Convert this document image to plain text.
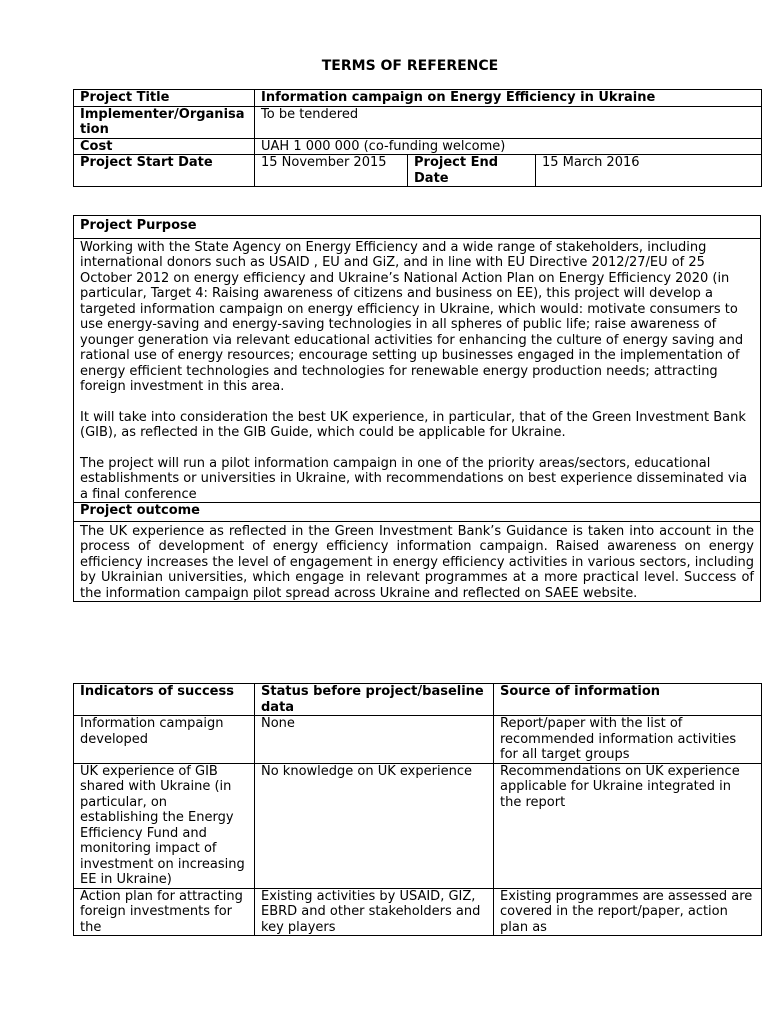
TERMS OF REFERENCE
Project Title	Information campaign on Energy Efficiency in Ukraine		
Implementer/Organisation	To be tendered		
Cost	UAH 1 000 000 (co-funding welcome)		
Project Start Date	15 November 2015	Project End Date	15 March 2016
Project Purpose

Working with the State Agency on Energy Efficiency and a wide range of stakeholders, including international donors such as USAID , EU and GiZ, and in line with EU Directive 2012/27/EU of 25 October 2012 on energy efficiency and Ukraine’s National Action Plan on Energy Efficiency 2020 (in particular, Target 4: Raising awareness of citizens and business on EE), this project will develop a targeted information campaign on energy efficiency in Ukraine, which would: motivate consumers to use energy-saving and energy-saving technologies in all spheres of public life; raise awareness of younger generation via relevant educational activities for enhancing the culture of energy saving and rational use of energy resources; encourage setting up businesses engaged in the implementation of energy efficient technologies and technologies for renewable energy production needs; attracting foreign investment in this area.

It will take into consideration the best UK experience, in particular, that of the Green Investment Bank (GIB), as reflected in the GIB Guide, which could be applicable for Ukraine.

The project will run a pilot information campaign in one of the priority areas/sectors, educational establishments or universities in Ukraine, with recommendations on best experience disseminated via a final conference

Project outcome
The UK experience as reflected in the Green Investment Bank’s Guidance is taken into account in the process of development of energy efficiency information campaign. Raised awareness on energy efficiency increases the level of engagement in energy efficiency activities in various sectors, including by Ukrainian universities, which engage in relevant programmes at a more practical level. Success of the information campaign pilot spread across Ukraine and reflected on SAEE website.
Indicators of success	Status before project/baseline data	Source of information
Information campaign developed	None	Report/paper with the list of recommended information activities for all target groups
UK experience of GIB shared with Ukraine (in particular, on establishing the Energy Efficiency Fund and monitoring impact of investment on increasing EE in Ukraine)	No knowledge on UK experience	Recommendations on UK experience applicable for Ukraine integrated in the report
Action plan for attracting foreign investments for the	Existing activities by USAID, GIZ, EBRD and other stakeholders and key players	Existing programmes are assessed are covered in the report/paper, action plan as
